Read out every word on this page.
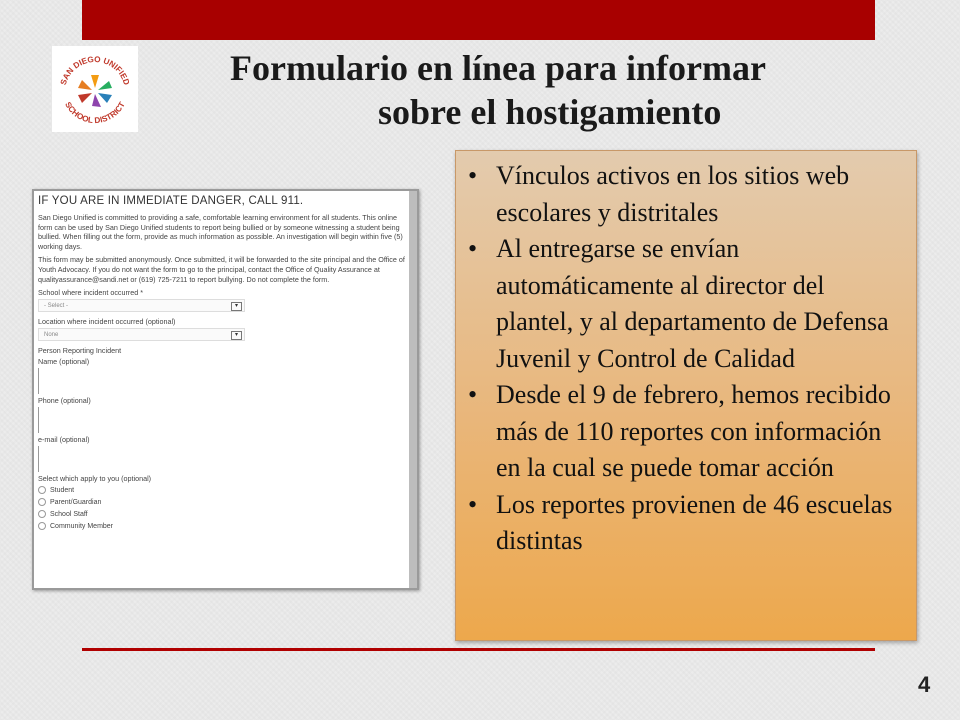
SAN DIEGO UNIFIED
SCHOOL DISTRICT
Formulario en línea para informar
sobre el hostigamiento
IF YOU ARE IN IMMEDIATE DANGER, CALL 911.

San Diego Unified is committed to providing a safe, comfortable learning environment for all students. This online form can be used by San Diego Unified students to report being bullied or by someone witnessing a student being bullied. When filling out the form, provide as much information as possible. An investigation will begin within five (5) working days.

This form may be submitted anonymously. Once submitted, it will be forwarded to the site principal and the Office of Youth Advocacy. If you do not want the form to go to the principal, contact the Office of Quality Assurance at qualityassurance@sandi.net or (619) 725-7211 to report bullying. Do not complete the form.

School where incident occurred *
- Select -	▾
Location where incident occurred (optional)
None	▾
Person Reporting Incident
Name (optional)
Phone (optional)
e-mail (optional)
Select which apply to you (optional)
Student
Parent/Guardian
School Staff
Community Member
• Vínculos activos en los sitios web escolares y distritales
• Al entregarse se envían automáticamente al director del plantel, y al departamento de Defensa Juvenil y Control de Calidad
• Desde el 9 de febrero, hemos recibido más de 110 reportes con información en la cual se puede tomar acción
• Los reportes provienen de 46 escuelas distintas
4
